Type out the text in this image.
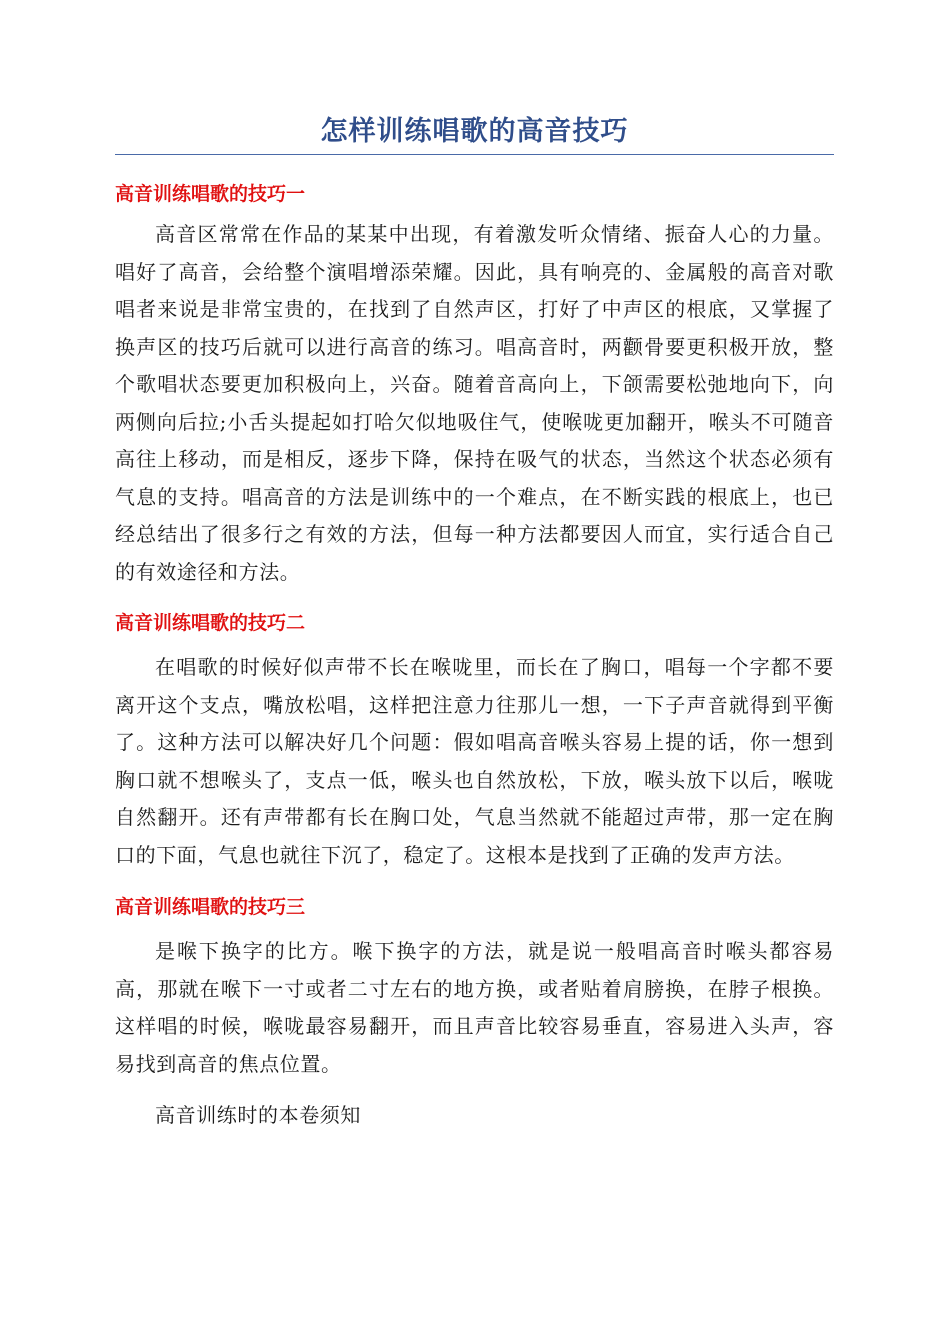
怎样训练唱歌的高音技巧
高音训练唱歌的技巧一

高音区常常在作品的某某中出现，有着激发听众情绪、振奋人心的力量。唱好了高音，会给整个演唱增添荣耀。因此，具有响亮的、金属般的高音对歌唱者来说是非常宝贵的，在找到了自然声区，打好了中声区的根底，又掌握了换声区的技巧后就可以进行高音的练习。唱高音时，两颧骨要更积极开放，整个歌唱状态要更加积极向上，兴奋。随着音高向上，下颌需要松弛地向下，向两侧向后拉;小舌头提起如打哈欠似地吸住气，使喉咙更加翻开，喉头不可随音高往上移动，而是相反，逐步下降，保持在吸气的状态，当然这个状态必须有气息的支持。唱高音的方法是训练中的一个难点，在不断实践的根底上，也已经总结出了很多行之有效的方法，但每一种方法都要因人而宜，实行适合自己的有效途径和方法。

高音训练唱歌的技巧二

在唱歌的时候好似声带不长在喉咙里，而长在了胸口，唱每一个字都不要离开这个支点，嘴放松唱，这样把注意力往那儿一想，一下子声音就得到平衡了。这种方法可以解决好几个问题：假如唱高音喉头容易上提的话，你一想到胸口就不想喉头了，支点一低，喉头也自然放松，下放，喉头放下以后，喉咙自然翻开。还有声带都有长在胸口处，气息当然就不能超过声带，那一定在胸口的下面，气息也就往下沉了，稳定了。这根本是找到了正确的发声方法。

高音训练唱歌的技巧三

是喉下换字的比方。喉下换字的方法，就是说一般唱高音时喉头都容易高，那就在喉下一寸或者二寸左右的地方换，或者贴着肩膀换，在脖子根换。这样唱的时候，喉咙最容易翻开，而且声音比较容易垂直，容易进入头声，容易找到高音的焦点位置。

高音训练时的本卷须知
